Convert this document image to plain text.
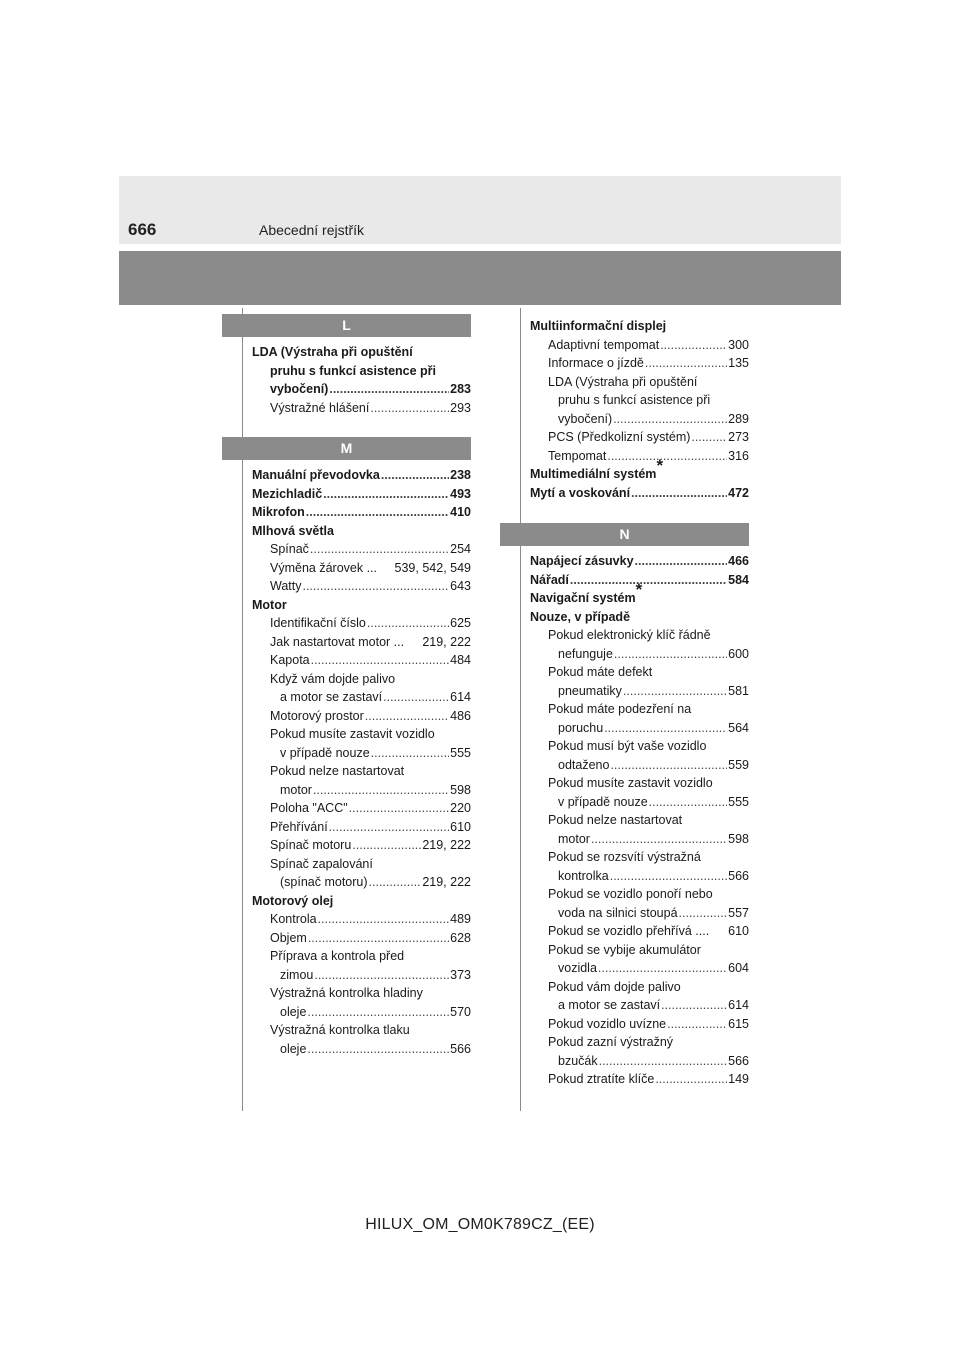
666	Abecední rejstřík
L
LDA (Výstraha při opuštění
pruhu s funkcí asistence při
vybočení) .....	283
Výstražné hlášení .....	293
M
Manuální převodovka .....	238
Mezichladič .....	493
Mikrofon .....	410
Mlhová světla
Spínač .....	254
Výměna žárovek ... 539, 542, 549
Watty .....	643
Motor
Identifikační číslo .....	625
Jak nastartovat motor ... 219, 222
Kapota .....	484
Když vám dojde palivo
a motor se zastaví .....	614
Motorový prostor .....	486
Pokud musíte zastavit vozidlo
v případě nouze .....	555
Pokud nelze nastartovat
motor .....	598
Poloha "ACC" .....	220
Přehřívání .....	610
Spínač motoru .....	219, 222
Spínač zapalování
(spínač motoru) .....	219, 222
Motorový olej
Kontrola .....	489
Objem .....	628
Příprava a kontrola před
zimou .....	373
Výstražná kontrolka hladiny
oleje .....	570
Výstražná kontrolka tlaku
oleje .....	566
Multiinformační displej
Adaptivní tempomat .....	300
Informace o jízdě .....	135
LDA (Výstraha při opuštění
pruhu s funkcí asistence při
vybočení) .....	289
PCS (Předkolizní systém) .....	273
Tempomat .....	316
Multimediální systém*
Mytí a voskování .....	472
N
Napájecí zásuvky .....	466
Nářadí .....	584
Navigační systém*
Nouze, v případě
Pokud elektronický klíč řádně
nefunguje .....	600
Pokud máte defekt
pneumatiky .....	581
Pokud máte podezření na
poruchu .....	564
Pokud musí být vaše vozidlo
odtaženo .....	559
Pokud musíte zastavit vozidlo
v případě nouze .....	555
Pokud nelze nastartovat
motor .....	598
Pokud se rozsvítí výstražná
kontrolka .....	566
Pokud se vozidlo ponoří nebo
voda na silnici stoupá .....	557
Pokud se vozidlo přehřívá .... 610
Pokud se vybije akumulátor
vozidla .....	604
Pokud vám dojde palivo
a motor se zastaví .....	614
Pokud vozidlo uvízne .....	615
Pokud zazní výstražný
bzučák .....	566
Pokud ztratíte klíče .....	149
HILUX_OM_OM0K789CZ_(EE)
